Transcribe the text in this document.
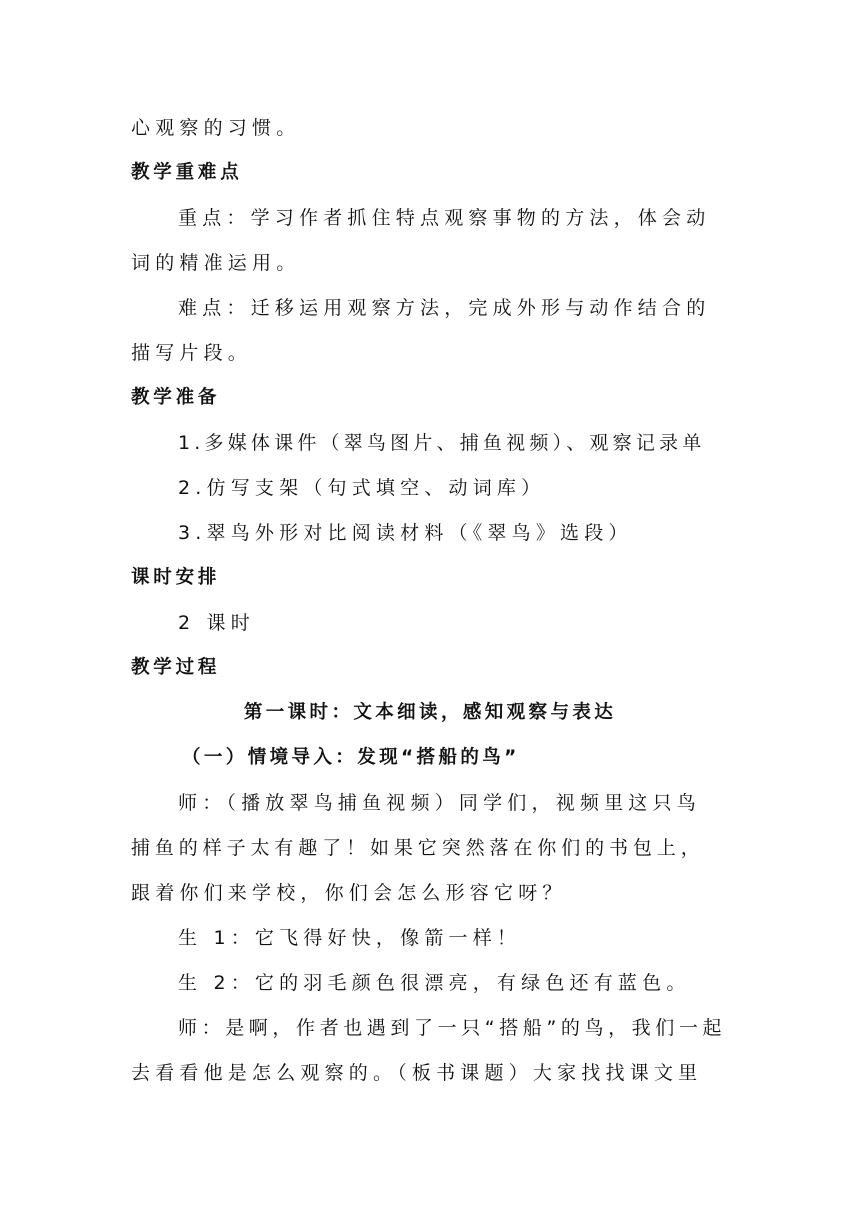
心观察的习惯。
教学重难点
重点：学习作者抓住特点观察事物的方法，体会动
词的精准运用。
难点：迁移运用观察方法，完成外形与动作结合的
描写片段。
教学准备
1.多媒体课件（翠鸟图片、捕鱼视频）、观察记录单
2.仿写支架（句式填空、动词库）
3.翠鸟外形对比阅读材料（《翠鸟》选段）
课时安排
2 课时
教学过程
第一课时：文本细读，感知观察与表达
（一）情境导入：发现“搭船的鸟”
师：（播放翠鸟捕鱼视频）同学们，视频里这只鸟
捕鱼的样子太有趣了！如果它突然落在你们的书包上，
跟着你们来学校，你们会怎么形容它呀？
生 1：它飞得好快，像箭一样！
生 2：它的羽毛颜色很漂亮，有绿色还有蓝色。
师：是啊，作者也遇到了一只“搭船”的鸟，我们一起
去看看他是怎么观察的。（板书课题）大家找找课文里
